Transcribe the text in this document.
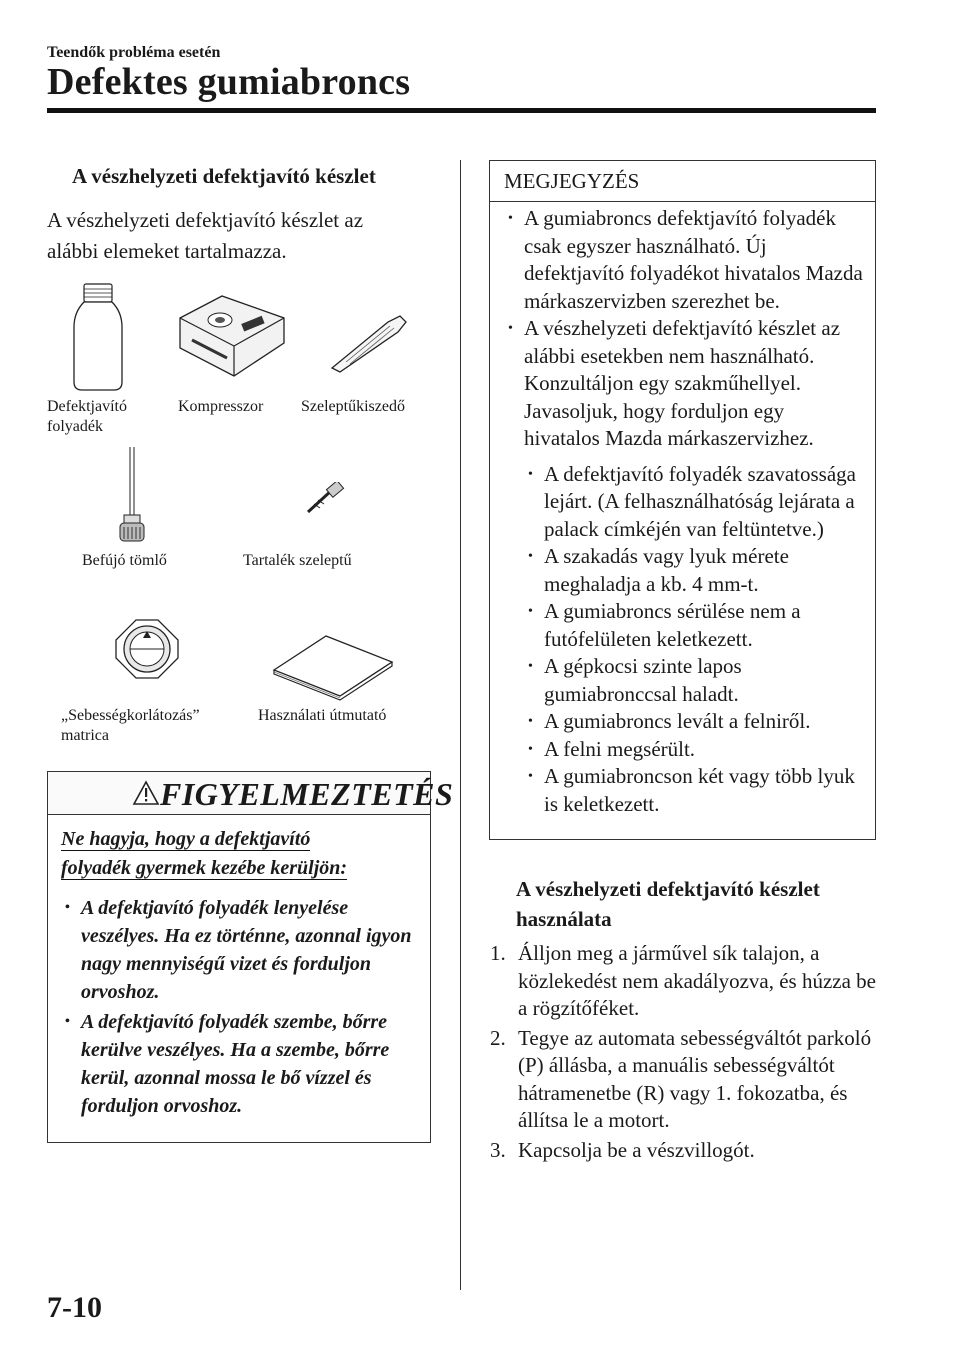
Teendők probléma esetén
Defektes gumiabroncs
A vészhelyzeti defektjavító készlet
A vészhelyzeti defektjavító készlet az
alábbi elemeket tartalmazza.
Defektjavító
folyadék
Kompresszor Szeleptűkiszedő
Befújó tömlő	Tartalék szeleptű
„Sebességkorlátozás”
matrica
Használati útmutató
FIGYELMEZTETÉS
Ne hagyja, hogy a defektjavító
folyadék gyermek kezébe kerüljön:
• A defektjavító folyadék lenyelése veszélyes. Ha ez történne, azonnal igyon nagy mennyiségű vizet és forduljon orvoshoz.
• A defektjavító folyadék szembe, bőrre kerülve veszélyes. Ha a szembe, bőrre kerül, azonnal mossa le bő vízzel és forduljon orvoshoz.
MEGJEGYZÉS
• A gumiabroncs defektjavító folyadék csak egyszer használható. Új defektjavító folyadékot hivatalos Mazda márkaszervizben szerezhet be.
• A vészhelyzeti defektjavító készlet az alábbi esetekben nem használható. Konzultáljon egy szakműhellyel. Javasoljuk, hogy forduljon egy hivatalos Mazda márkaszervizhez.
• A defektjavító folyadék szavatossága lejárt. (A felhasználhatóság lejárata a palack címkéjén van feltüntetve.)
• A szakadás vagy lyuk mérete meghaladja a kb. 4 mm-t.
• A gumiabroncs sérülése nem a futófelületen keletkezett.
• A gépkocsi szinte lapos gumiabronccsal haladt.
• A gumiabroncs levált a felniről.
• A felni megsérült.
• A gumiabroncson két vagy több lyuk is keletkezett.
A vészhelyzeti defektjavító készlet használata
1. Álljon meg a járművel sík talajon, a közlekedést nem akadályozva, és húzza be a rögzítőféket.
2. Tegye az automata sebességváltót parkoló (P) állásba, a manuális sebességváltót hátramenetbe (R) vagy 1. fokozatba, és állítsa le a motort.
3. Kapcsolja be a vészvillogót.
7-10
